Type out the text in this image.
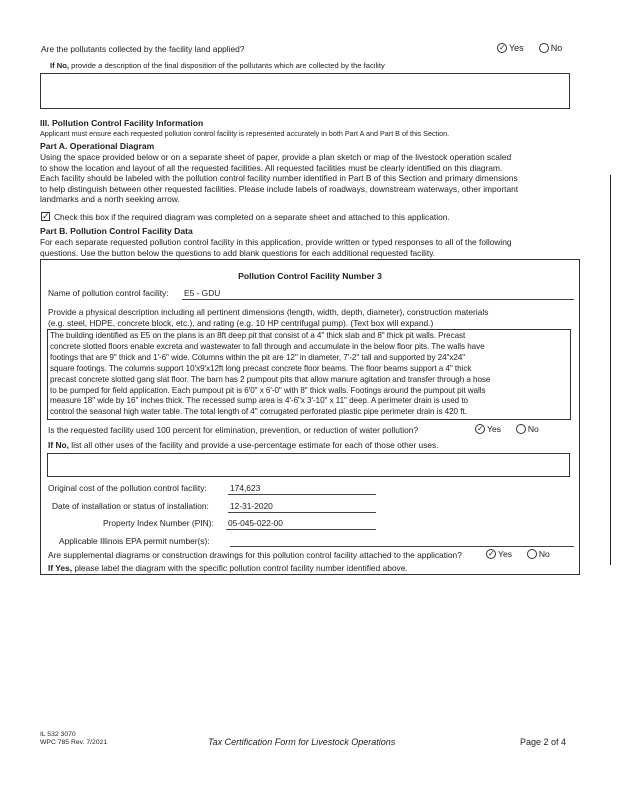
Are the pollutants collected by the facility land applied? ✓	Yes	No
If No, provide a description of the final disposition of the pollutants which are collected by the facility
III. Pollution Control Facility Information
Applicant must ensure each requested pollution control facility is represented accurately in both Part A and Part B of this Section.
Part A. Operational Diagram
Using the space provided below or on a separate sheet of paper, provide a plan sketch or map of the livestock operation scaled
to show the location and layout of all the requested facilities. All requested facilities must be clearly identified on this diagram.
Each facility should be labeled with the pollution control facility number identified in Part B of this Section and primary dimensions
to help distinguish between other requested facilities. Please include labels of roadways, downstream waterways, other important
landmarks and a north seeking arrow.
✓Check this box if the required diagram was completed on a separate sheet and attached to this application.
Part B. Pollution Control Facility Data
For each separate requested pollution control facility in this application, provide written or typed responses to all of the following
questions. Use the button below the questions to add blank questions for each additional requested facility.
Pollution Control Facility Number 3
Name of pollution control facility: E5 - GDU
Provide a physical description including all pertinent dimensions (length, width, depth, diameter), construction materials
(e.g. steel, HDPE, concrete block, etc.), and rating (e.g. 10 HP centrifugal pump). (Text box will expand.)
The building identified as E5 on the plans is an 8ft deep pit that consist of a 4" thick slab and 8" thick pit walls. Precast
concrete slotted floors enable excreta and wastewater to fall through and accumulate in the below floor pits. The walls have
footings that are 9" thick and 1'-6" wide. Columns within the pit are 12" in diameter, 7'-2" tall and supported by 24"x24"
square footings. The columns support 10'x9'x12ft long precast concrete floor beams. The floor beams support a 4" thick
precast concrete slotted gang slat floor. The barn has 2 pumpout pits that allow manure agitation and transfer through a hose
to be pumped for field application. Each pumpout pit is 6'0" x 6'-0" with 8" thick walls. Footings around the pumpout pit walls
measure 18" wide by 16" inches thick. The recessed sump area is 4'-6"x 3'-10" x 11" deep. A perimeter drain is used to
control the seasonal high water table. The total length of 4" corrugated perforated plastic pipe perimeter drain is 420 ft.
Is the requested facility used 100 percent for elimination, prevention, or reduction of water pollution? ✓	Yes	No
If No, list all other uses of the facility and provide a use-percentage estimate for each of those other uses.
Original cost of the pollution control facility:	174,623
Date of installation or status of installation:	12-31-2020
Property Index Number (PIN): 05-045-022-00
Applicable Illinois EPA permit number(s):
Are supplemental diagrams or construction drawings for this pollution control facility attached to the application? ✓	Yes	No
If Yes, please label the diagram with the specific pollution control facility number identified above.
IL 532 3070
WPC 785 Rev. 7/2021	Tax Certification Form for Livestock Operations	Page 2 of 4
